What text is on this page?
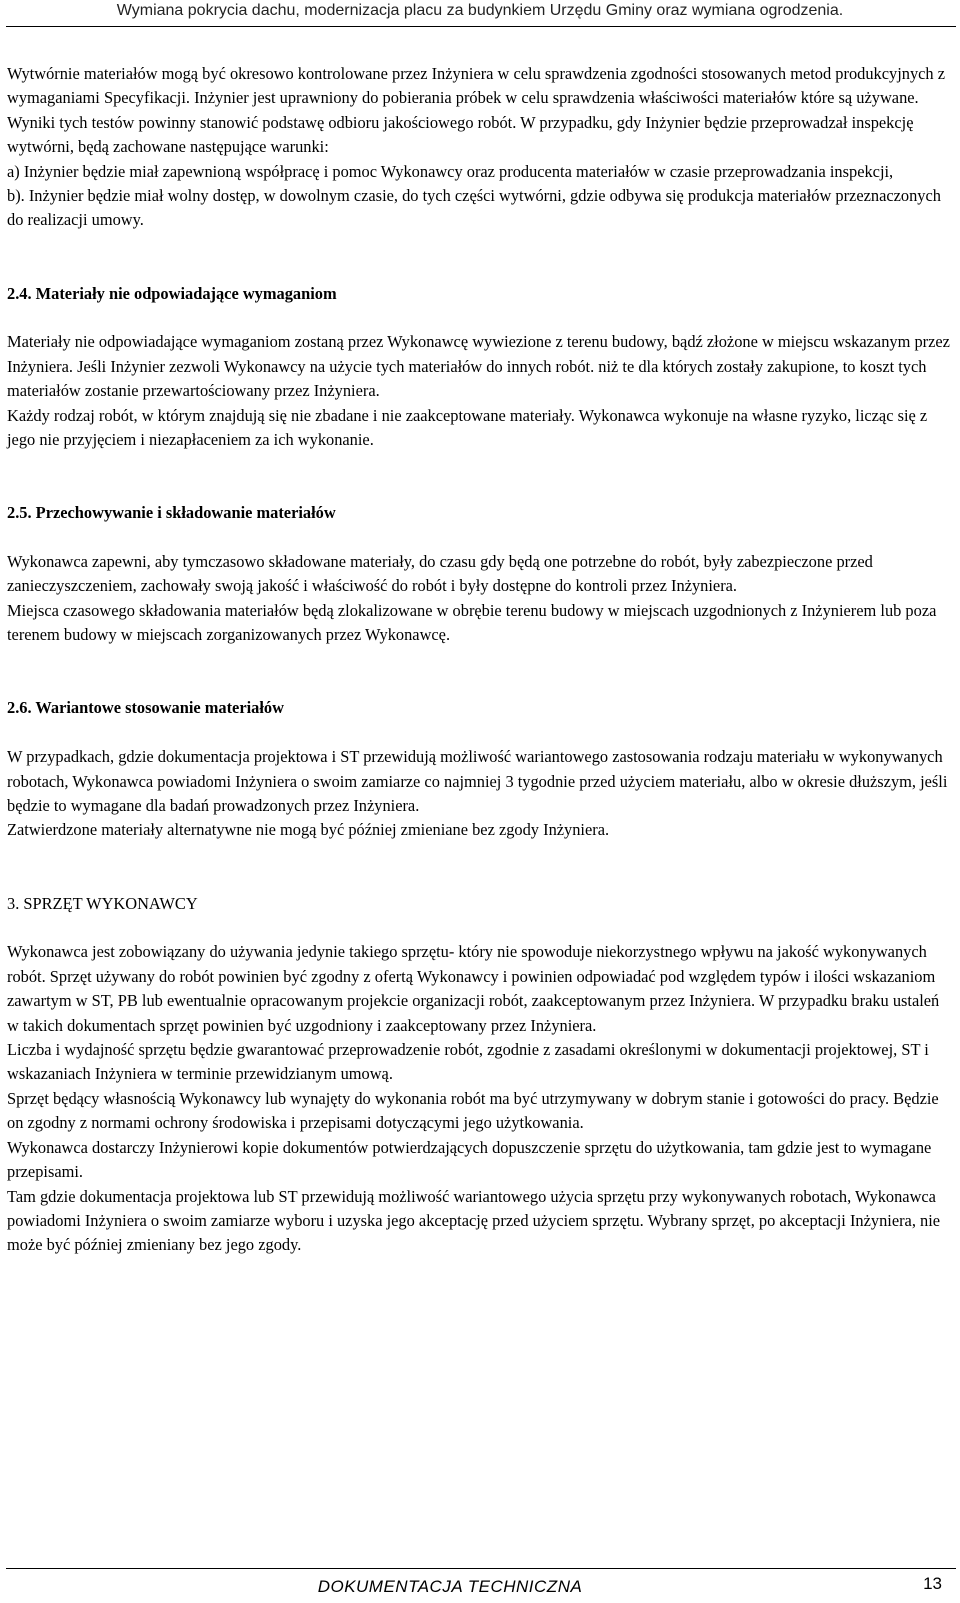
Wymiana pokrycia dachu, modernizacja placu za budynkiem Urzędu Gminy oraz wymiana ogrodzenia.

Wytwórnie materiałów mogą być okresowo kontrolowane przez Inżyniera w celu sprawdzenia zgodności stosowanych metod produkcyjnych z wymaganiami Specyfikacji. Inżynier jest uprawniony do pobierania próbek w celu sprawdzenia właściwości materiałów które są używane.

Wyniki tych testów powinny stanowić podstawę odbioru jakościowego robót. W przypadku, gdy Inżynier będzie przeprowadzał inspekcję wytwórni, będą zachowane następujące warunki:

a) Inżynier będzie miał zapewnioną współpracę i pomoc Wykonawcy oraz producenta materiałów w czasie przeprowadzania inspekcji,

b). Inżynier będzie miał wolny dostęp, w dowolnym czasie, do tych części wytwórni, gdzie odbywa się produkcja materiałów przeznaczonych do realizacji umowy.

2.4. Materiały nie odpowiadające wymaganiom

Materiały nie odpowiadające wymaganiom zostaną przez Wykonawcę wywiezione z terenu budowy, bądź złożone w miejscu wskazanym przez Inżyniera. Jeśli Inżynier zezwoli Wykonawcy na użycie tych materiałów do innych robót. niż te dla których zostały zakupione, to koszt tych materiałów zostanie przewartościowany przez Inżyniera.

Każdy rodzaj robót, w którym znajdują się nie zbadane i nie zaakceptowane materiały. Wykonawca wykonuje na własne ryzyko, licząc się z jego nie przyjęciem i niezapłaceniem za ich wykonanie.

2.5. Przechowywanie i składowanie materiałów

Wykonawca zapewni, aby tymczasowo składowane materiały, do czasu gdy będą one potrzebne do robót, były zabezpieczone przed zanieczyszczeniem, zachowały swoją jakość i właściwość do robót i były dostępne do kontroli przez Inżyniera.

Miejsca czasowego składowania materiałów będą zlokalizowane w obrębie terenu budowy w miejscach uzgodnionych z Inżynierem lub poza terenem budowy w miejscach zorganizowanych przez Wykonawcę.

2.6. Wariantowe stosowanie materiałów

W przypadkach, gdzie dokumentacja projektowa i ST przewidują możliwość wariantowego zastosowania rodzaju materiału w wykonywanych robotach, Wykonawca powiadomi Inżyniera o swoim zamiarze co najmniej 3 tygodnie przed użyciem materiału, albo w okresie dłuższym, jeśli będzie to wymagane dla badań prowadzonych przez Inżyniera.

Zatwierdzone materiały alternatywne nie mogą być później zmieniane bez zgody Inżyniera.

3. SPRZĘT WYKONAWCY

Wykonawca jest zobowiązany do używania jedynie takiego sprzętu- który nie spowoduje niekorzystnego wpływu na jakość wykonywanych robót. Sprzęt używany do robót powinien być zgodny z ofertą Wykonawcy i powinien odpowiadać pod względem typów i ilości wskazaniom zawartym w ST, PB lub ewentualnie opracowanym projekcie organizacji robót, zaakceptowanym przez Inżyniera. W przypadku braku ustaleń w takich dokumentach sprzęt powinien być uzgodniony i zaakceptowany przez Inżyniera.

Liczba i wydajność sprzętu będzie gwarantować przeprowadzenie robót, zgodnie z zasadami określonymi w dokumentacji projektowej, ST i wskazaniach Inżyniera w terminie przewidzianym umową.

Sprzęt będący własnością Wykonawcy lub wynajęty do wykonania robót ma być utrzymywany w dobrym stanie i gotowości do pracy. Będzie on zgodny z normami ochrony środowiska i przepisami dotyczącymi jego użytkowania.

Wykonawca dostarczy Inżynierowi kopie dokumentów potwierdzających dopuszczenie sprzętu do użytkowania, tam gdzie jest to wymagane przepisami.

Tam gdzie dokumentacja projektowa lub ST przewidują możliwość wariantowego użycia sprzętu przy wykonywanych robotach, Wykonawca powiadomi Inżyniera o swoim zamiarze wyboru i uzyska jego akceptację przed użyciem sprzętu. Wybrany sprzęt, po akceptacji Inżyniera, nie może być później zmieniany bez jego zgody.

DOKUMENTACJA TECHNICZNA	13
